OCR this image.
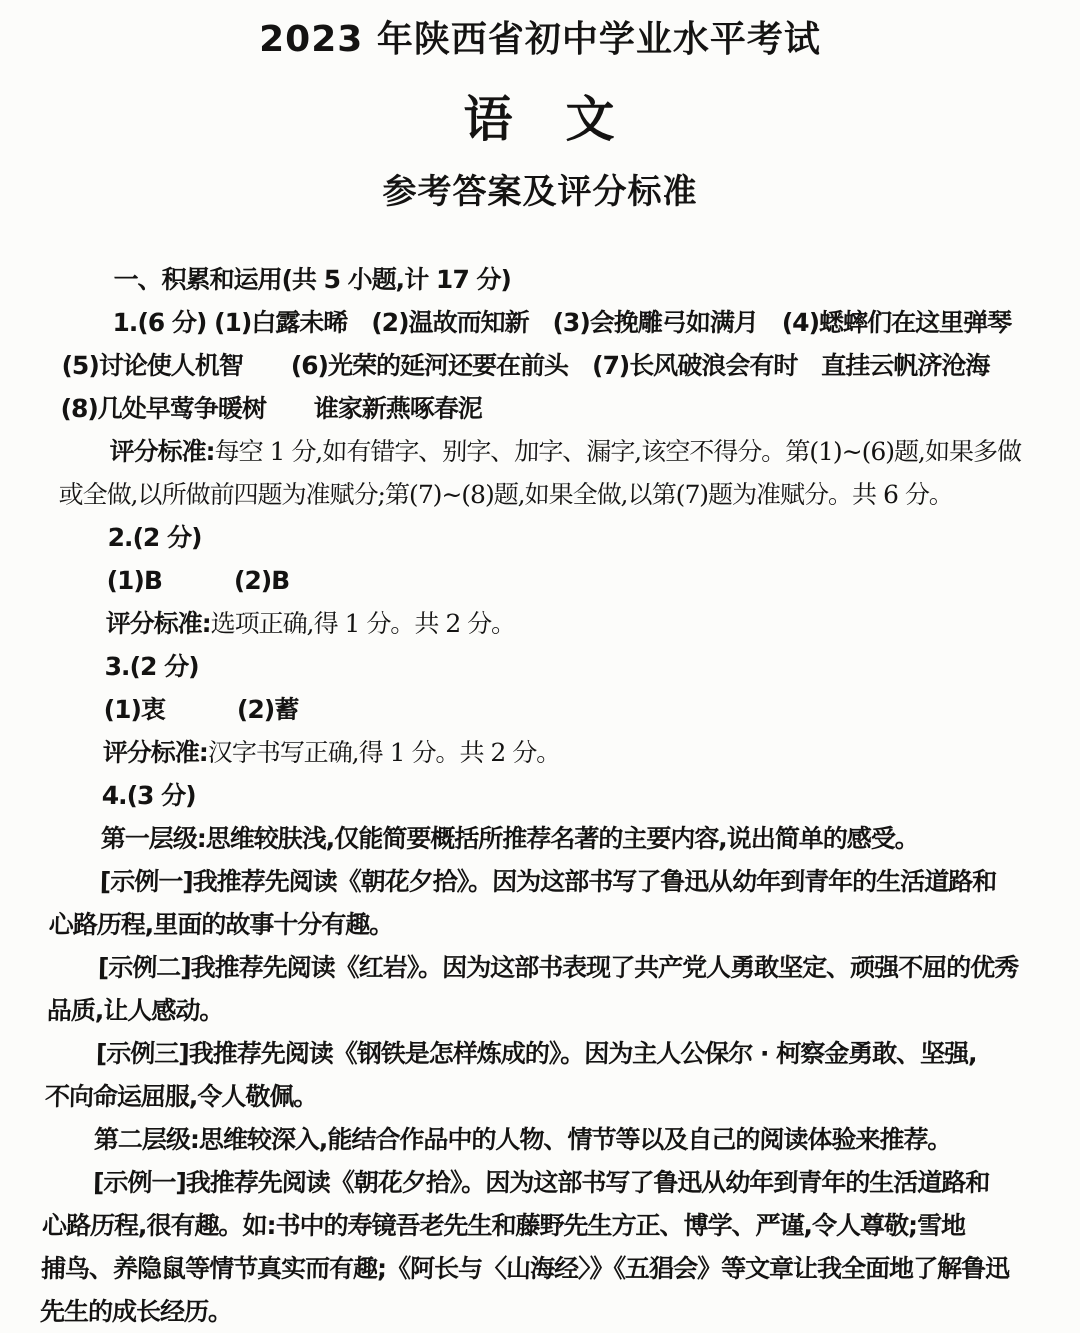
2023 年陕西省初中学业水平考试
语　文
参考答案及评分标准
一、积累和运用(共 5 小题,计 17 分)
1.(6 分) (1)白露未晞　(2)温故而知新　(3)会挽雕弓如满月　(4)蟋蟀们在这里弹琴
(5)讨论使人机智　　(6)光荣的延河还要在前头　(7)长风破浪会有时　直挂云帆济沧海
(8)几处早莺争暖树　　谁家新燕啄春泥
评分标准:每空 1 分,如有错字、别字、加字、漏字,该空不得分。第(1)~(6)题,如果多做
或全做,以所做前四题为准赋分;第(7)~(8)题,如果全做,以第(7)题为准赋分。共 6 分。
2.(2 分)
(1)B　　　(2)B
评分标准:选项正确,得 1 分。共 2 分。
3.(2 分)
(1)衷　　　(2)蓄
评分标准:汉字书写正确,得 1 分。共 2 分。
4.(3 分)
第一层级:思维较肤浅,仅能简要概括所推荐名著的主要内容,说出简单的感受。
[示例一]我推荐先阅读《朝花夕拾》。因为这部书写了鲁迅从幼年到青年的生活道路和
心路历程,里面的故事十分有趣。
[示例二]我推荐先阅读《红岩》。因为这部书表现了共产党人勇敢坚定、顽强不屈的优秀
品质,让人感动。
[示例三]我推荐先阅读《钢铁是怎样炼成的》。因为主人公保尔 · 柯察金勇敢、坚强,
不向命运屈服,令人敬佩。
第二层级:思维较深入,能结合作品中的人物、情节等以及自己的阅读体验来推荐。
[示例一]我推荐先阅读《朝花夕拾》。因为这部书写了鲁迅从幼年到青年的生活道路和
心路历程,很有趣。如:书中的寿镜吾老先生和藤野先生方正、博学、严谨,令人尊敬;雪地
捕鸟、养隐鼠等情节真实而有趣;《阿长与〈山海经〉》《五猖会》等文章让我全面地了解鲁迅
先生的成长经历。
